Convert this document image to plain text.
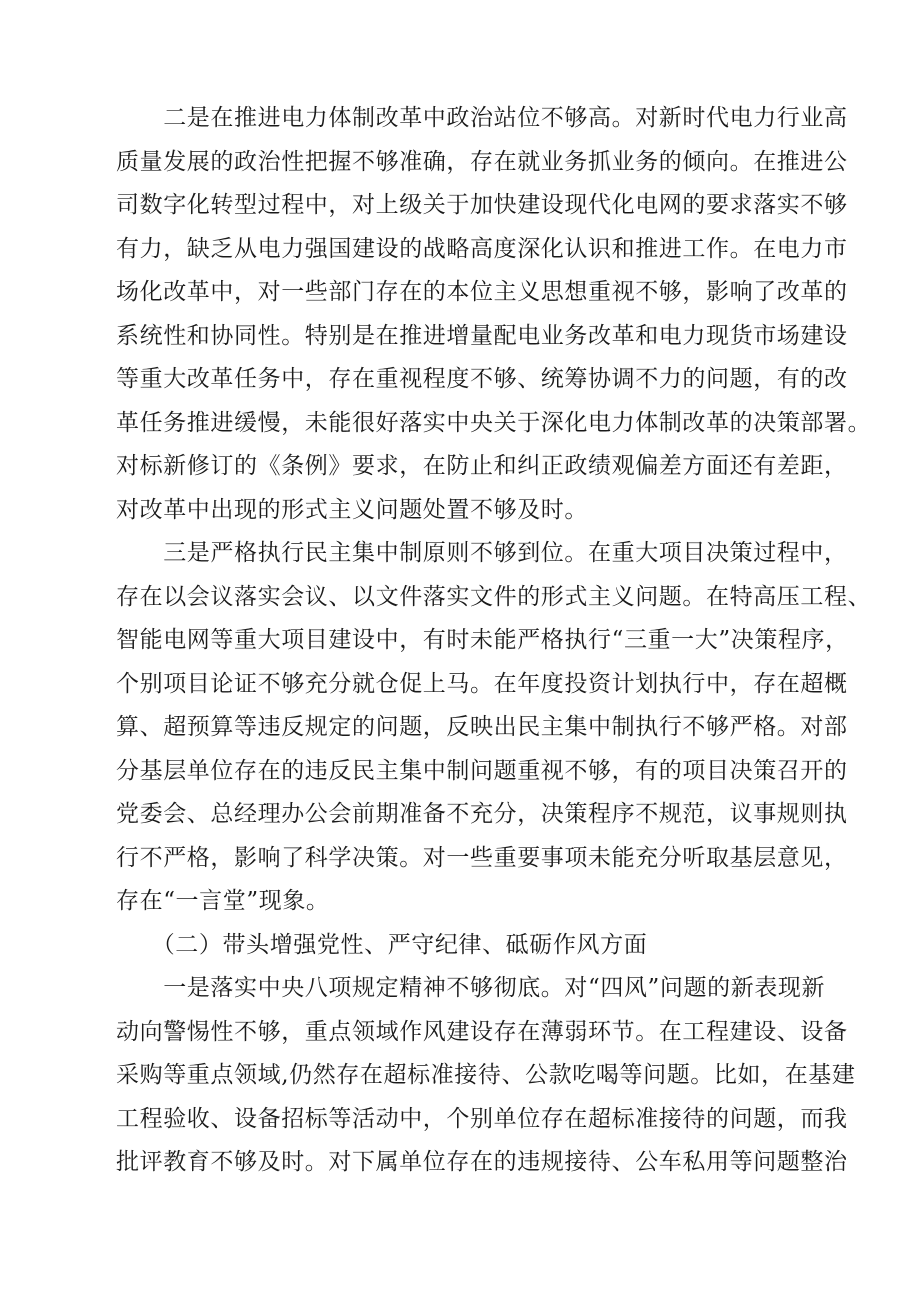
　　二是在推进电力体制改革中政治站位不够高。对新时代电力行业高
质量发展的政治性把握不够准确，存在就业务抓业务的倾向。在推进公
司数字化转型过程中，对上级关于加快建设现代化电网的要求落实不够
有力，缺乏从电力强国建设的战略高度深化认识和推进工作。在电力市
场化改革中，对一些部门存在的本位主义思想重视不够，影响了改革的
系统性和协同性。特别是在推进增量配电业务改革和电力现货市场建设
等重大改革任务中，存在重视程度不够、统筹协调不力的问题，有的改
革任务推进缓慢，未能很好落实中央关于深化电力体制改革的决策部署。
对标新修订的《条例》要求，在防止和纠正政绩观偏差方面还有差距，
对改革中出现的形式主义问题处置不够及时。
　　三是严格执行民主集中制原则不够到位。在重大项目决策过程中，
存在以会议落实会议、以文件落实文件的形式主义问题。在特高压工程、
智能电网等重大项目建设中，有时未能严格执行“三重一大”决策程序，
个别项目论证不够充分就仓促上马。在年度投资计划执行中，存在超概
算、超预算等违反规定的问题，反映出民主集中制执行不够严格。对部
分基层单位存在的违反民主集中制问题重视不够，有的项目决策召开的
党委会、总经理办公会前期准备不充分，决策程序不规范，议事规则执
行不严格，影响了科学决策。对一些重要事项未能充分听取基层意见，
存在“一言堂”现象。
　　（二）带头增强党性、严守纪律、砥砺作风方面
　　一是落实中央八项规定精神不够彻底。对“四风”问题的新表现新
动向警惕性不够，重点领域作风建设存在薄弱环节。在工程建设、设备
采购等重点领域,仍然存在超标准接待、公款吃喝等问题。比如，在基建
工程验收、设备招标等活动中，个别单位存在超标准接待的问题，而我
批评教育不够及时。对下属单位存在的违规接待、公车私用等问题整治
